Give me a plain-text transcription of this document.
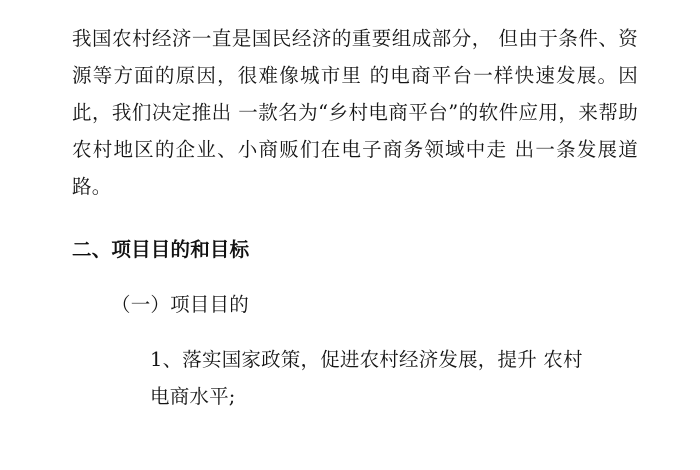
我国农村经济一直是国民经济的重要组成部分， 但由于条件、资源等方面的原因，很难像城市里 的电商平台一样快速发展。因此，我们决定推出 一款名为“乡村电商平台”的软件应用，来帮助 农村地区的企业、小商贩们在电子商务领域中走 出一条发展道路。

二、项目目的和目标

（一）项目目的

1、落实国家政策，促进农村经济发展，提升 农村

电商水平;
